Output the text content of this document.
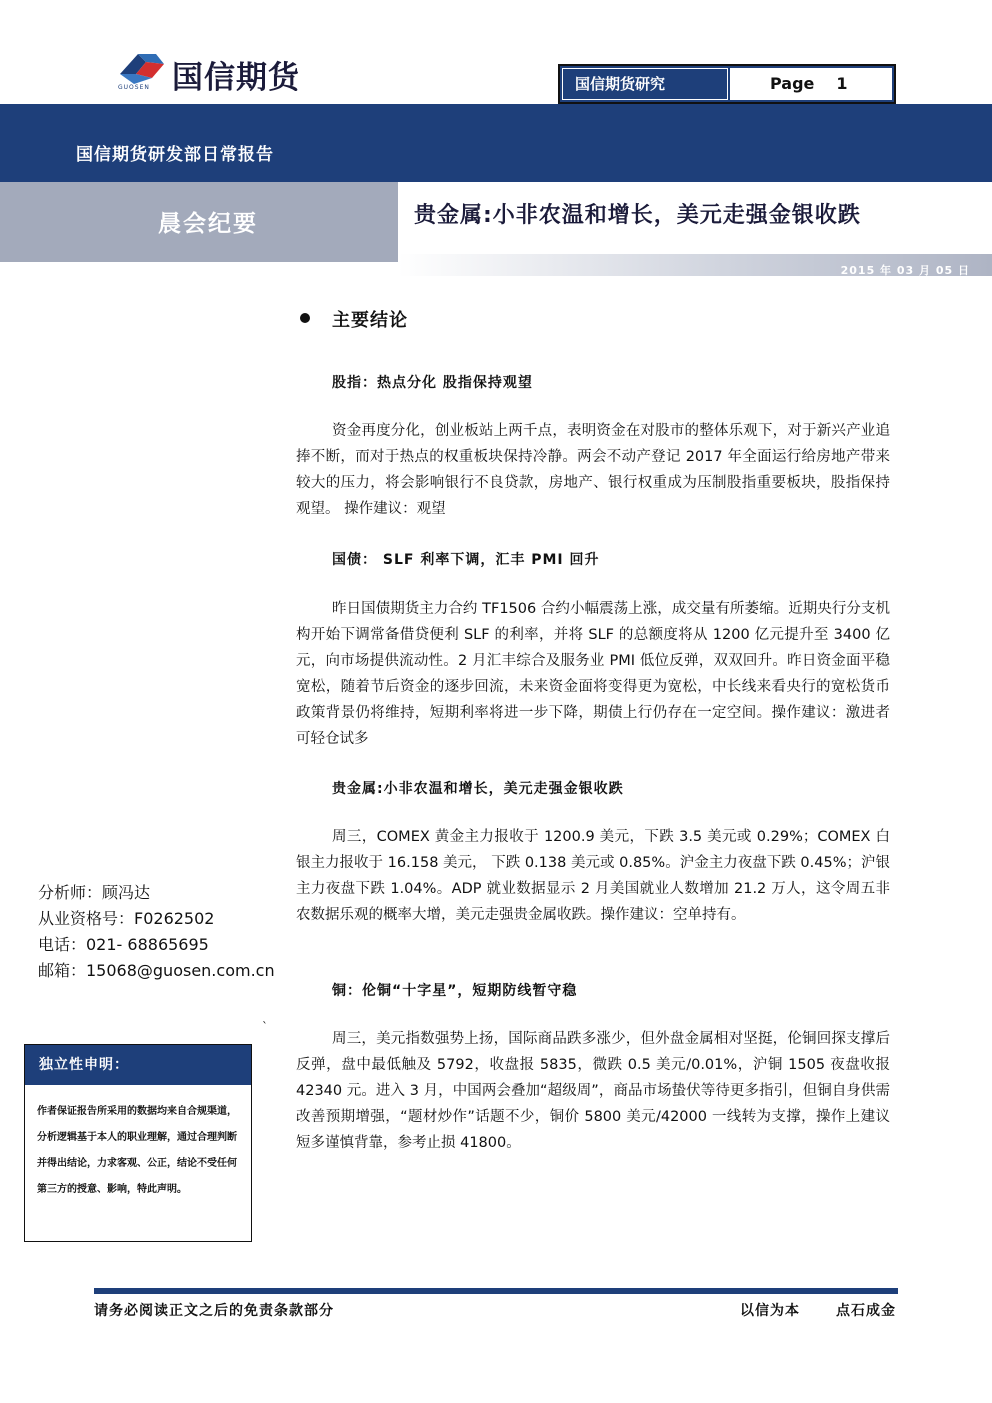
国信期货
GUOSEN	国信期货研究	Page 1
国信期货研发部日常报告
晨会纪要	贵金属:小非农温和增长，美元走强金银收跌
2015 年 03 月 05 日
主要结论
股指：热点分化 股指保持观望
资金再度分化，创业板站上两千点，表明资金在对股市的整体乐观下，对于新兴产业追捧不断，而对于热点的权重板块保持冷静。两会不动产登记 2017 年全面运行给房地产带来较大的压力，将会影响银行不良贷款，房地产、银行权重成为压制股指重要板块，股指保持观望。 操作建议：观望
国债： SLF 利率下调，汇丰 PMI 回升
昨日国债期货主力合约 TF1506 合约小幅震荡上涨，成交量有所萎缩。近期央行分支机构开始下调常备借贷便利 SLF 的利率，并将 SLF 的总额度将从 1200 亿元提升至 3400 亿元，向市场提供流动性。2 月汇丰综合及服务业 PMI 低位反弹，双双回升。昨日资金面平稳宽松，随着节后资金的逐步回流，未来资金面将变得更为宽松，中长线来看央行的宽松货币政策背景仍将维持，短期利率将进一步下降，期债上行仍存在一定空间。操作建议：激进者可轻仓试多
贵金属:小非农温和增长，美元走强金银收跌
周三，COMEX 黄金主力报收于 1200.9 美元，下跌 3.5 美元或 0.29%；COMEX 白银主力报收于 16.158 美元， 下跌 0.138 美元或 0.85%。沪金主力夜盘下跌 0.45%；沪银主力夜盘下跌 1.04%。ADP 就业数据显示 2 月美国就业人数增加 21.2 万人，这令周五非农数据乐观的概率大增，美元走强贵金属收跌。操作建议：空单持有。
铜：伦铜“十字星”，短期防线暂守稳
周三，美元指数强势上扬，国际商品跌多涨少，但外盘金属相对坚挺，伦铜回探支撑后反弹，盘中最低触及 5792，收盘报 5835，微跌 0.5 美元/0.01%，沪铜 1505 夜盘收报 42340 元。进入 3 月，中国两会叠加“超级周”，商品市场蛰伏等待更多指引，但铜自身供需改善预期增强，“题材炒作”话题不少，铜价 5800 美元/42000 一线转为支撑，操作上建议短多谨慎背靠，参考止损 41800。
分析师：顾冯达
从业资格号：F0262502
电话：021- 68865695
邮箱：15068@guosen.com.cn
`
独立性申明：
作者保证报告所采用的数据均来自合规渠道，分析逻辑基于本人的职业理解，通过合理判断 并得出结论，力求客观、公正，结论不受任何第三方的授意、影响，特此声明。
请务必阅读正文之后的免责条款部分	以信为本	点石成金
